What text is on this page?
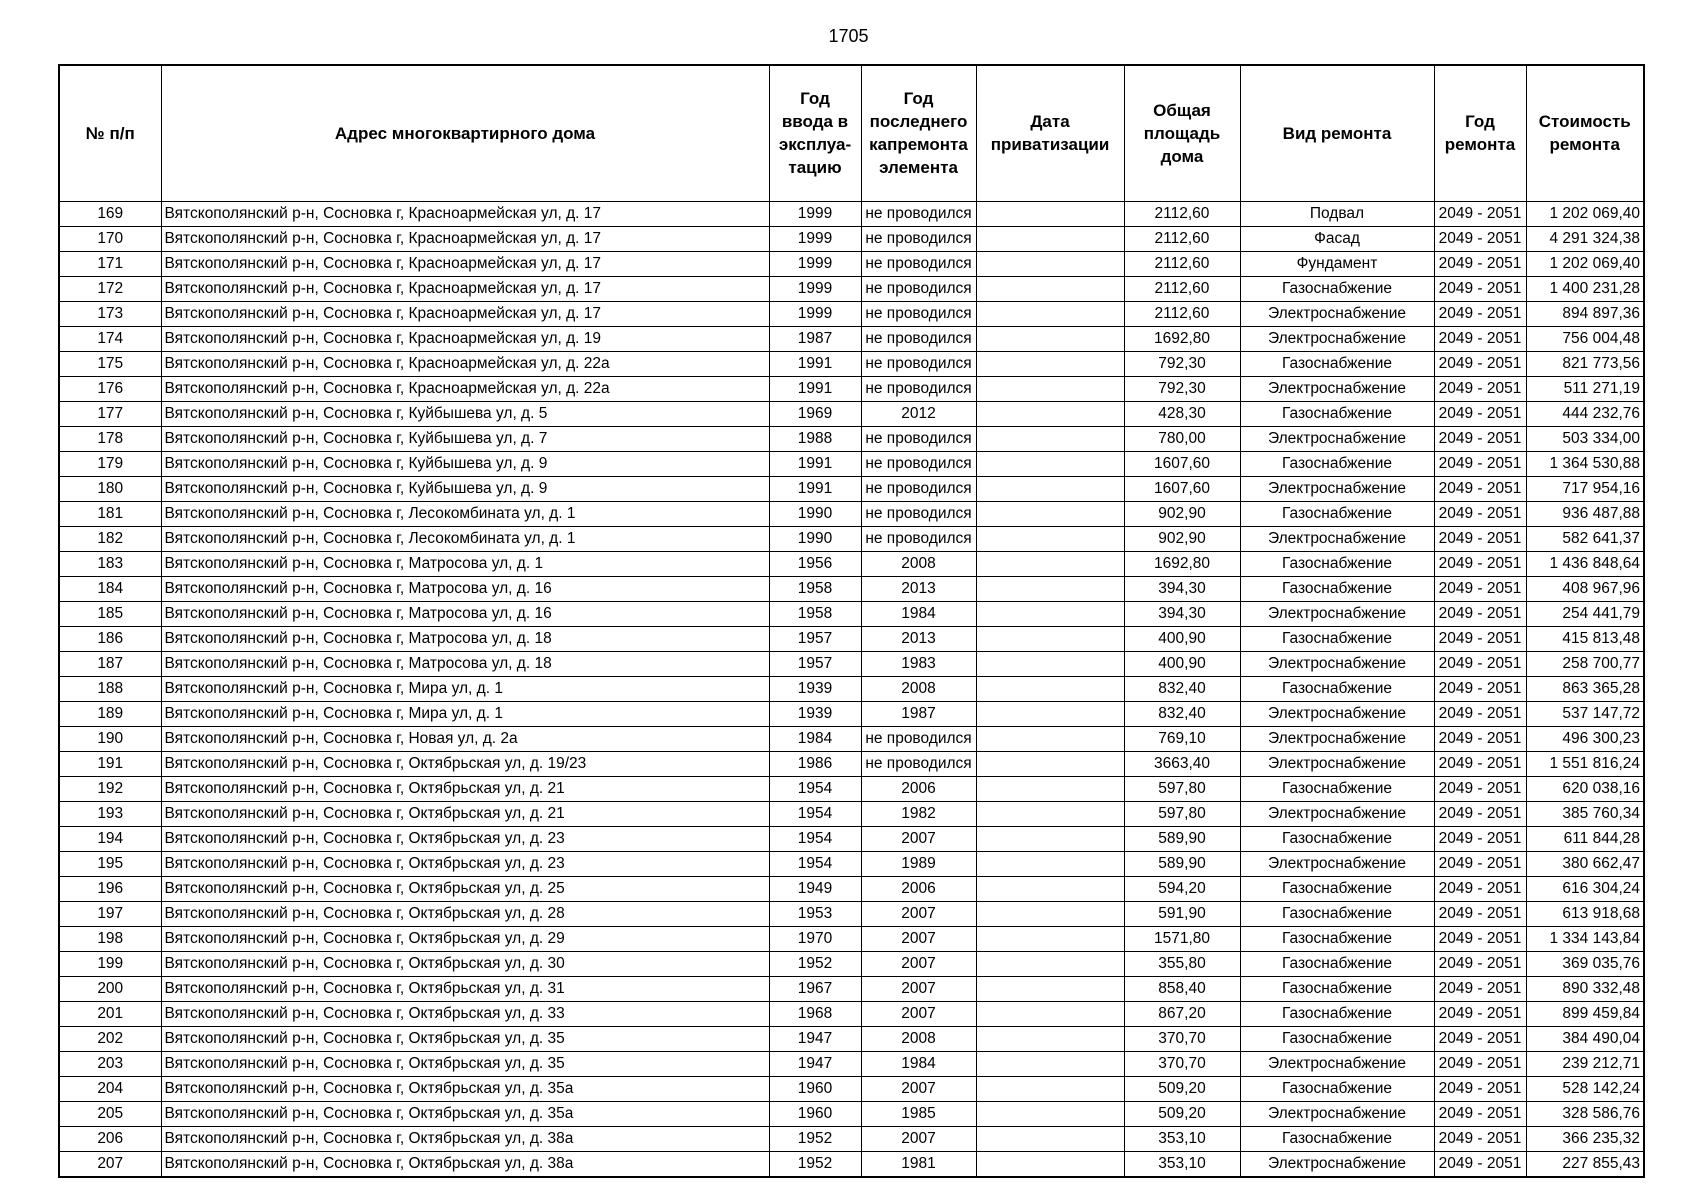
1705
№ п/п	Адрес многоквартирного дома	Год ввода в эксплуа-тацию	Год последнего капремонта элемента	Дата приватизации	Общая площадь дома	Вид ремонта	Год ремонта	Стоимость ремонта
169	Вятскополянский р-н, Сосновка г, Красноармейская ул, д. 17	1999	не проводился		2112,60	Подвал	2049 - 2051	1 202 069,40
170	Вятскополянский р-н, Сосновка г, Красноармейская ул, д. 17	1999	не проводился		2112,60	Фасад	2049 - 2051	4 291 324,38
171	Вятскополянский р-н, Сосновка г, Красноармейская ул, д. 17	1999	не проводился		2112,60	Фундамент	2049 - 2051	1 202 069,40
172	Вятскополянский р-н, Сосновка г, Красноармейская ул, д. 17	1999	не проводился		2112,60	Газоснабжение	2049 - 2051	1 400 231,28
173	Вятскополянский р-н, Сосновка г, Красноармейская ул, д. 17	1999	не проводился		2112,60	Электроснабжение	2049 - 2051	894 897,36
174	Вятскополянский р-н, Сосновка г, Красноармейская ул, д. 19	1987	не проводился		1692,80	Электроснабжение	2049 - 2051	756 004,48
175	Вятскополянский р-н, Сосновка г, Красноармейская ул, д. 22а	1991	не проводился		792,30	Газоснабжение	2049 - 2051	821 773,56
176	Вятскополянский р-н, Сосновка г, Красноармейская ул, д. 22а	1991	не проводился		792,30	Электроснабжение	2049 - 2051	511 271,19
177	Вятскополянский р-н, Сосновка г, Куйбышева ул, д. 5	1969	2012		428,30	Газоснабжение	2049 - 2051	444 232,76
178	Вятскополянский р-н, Сосновка г, Куйбышева ул, д. 7	1988	не проводился		780,00	Электроснабжение	2049 - 2051	503 334,00
179	Вятскополянский р-н, Сосновка г, Куйбышева ул, д. 9	1991	не проводился		1607,60	Газоснабжение	2049 - 2051	1 364 530,88
180	Вятскополянский р-н, Сосновка г, Куйбышева ул, д. 9	1991	не проводился		1607,60	Электроснабжение	2049 - 2051	717 954,16
181	Вятскополянский р-н, Сосновка г, Лесокомбината ул, д. 1	1990	не проводился		902,90	Газоснабжение	2049 - 2051	936 487,88
182	Вятскополянский р-н, Сосновка г, Лесокомбината ул, д. 1	1990	не проводился		902,90	Электроснабжение	2049 - 2051	582 641,37
183	Вятскополянский р-н, Сосновка г, Матросова ул, д. 1	1956	2008		1692,80	Газоснабжение	2049 - 2051	1 436 848,64
184	Вятскополянский р-н, Сосновка г, Матросова ул, д. 16	1958	2013		394,30	Газоснабжение	2049 - 2051	408 967,96
185	Вятскополянский р-н, Сосновка г, Матросова ул, д. 16	1958	1984		394,30	Электроснабжение	2049 - 2051	254 441,79
186	Вятскополянский р-н, Сосновка г, Матросова ул, д. 18	1957	2013		400,90	Газоснабжение	2049 - 2051	415 813,48
187	Вятскополянский р-н, Сосновка г, Матросова ул, д. 18	1957	1983		400,90	Электроснабжение	2049 - 2051	258 700,77
188	Вятскополянский р-н, Сосновка г, Мира ул, д. 1	1939	2008		832,40	Газоснабжение	2049 - 2051	863 365,28
189	Вятскополянский р-н, Сосновка г, Мира ул, д. 1	1939	1987		832,40	Электроснабжение	2049 - 2051	537 147,72
190	Вятскополянский р-н, Сосновка г, Новая ул, д. 2а	1984	не проводился		769,10	Электроснабжение	2049 - 2051	496 300,23
191	Вятскополянский р-н, Сосновка г, Октябрьская ул, д. 19/23	1986	не проводился		3663,40	Электроснабжение	2049 - 2051	1 551 816,24
192	Вятскополянский р-н, Сосновка г, Октябрьская ул, д. 21	1954	2006		597,80	Газоснабжение	2049 - 2051	620 038,16
193	Вятскополянский р-н, Сосновка г, Октябрьская ул, д. 21	1954	1982		597,80	Электроснабжение	2049 - 2051	385 760,34
194	Вятскополянский р-н, Сосновка г, Октябрьская ул, д. 23	1954	2007		589,90	Газоснабжение	2049 - 2051	611 844,28
195	Вятскополянский р-н, Сосновка г, Октябрьская ул, д. 23	1954	1989		589,90	Электроснабжение	2049 - 2051	380 662,47
196	Вятскополянский р-н, Сосновка г, Октябрьская ул, д. 25	1949	2006		594,20	Газоснабжение	2049 - 2051	616 304,24
197	Вятскополянский р-н, Сосновка г, Октябрьская ул, д. 28	1953	2007		591,90	Газоснабжение	2049 - 2051	613 918,68
198	Вятскополянский р-н, Сосновка г, Октябрьская ул, д. 29	1970	2007		1571,80	Газоснабжение	2049 - 2051	1 334 143,84
199	Вятскополянский р-н, Сосновка г, Октябрьская ул, д. 30	1952	2007		355,80	Газоснабжение	2049 - 2051	369 035,76
200	Вятскополянский р-н, Сосновка г, Октябрьская ул, д. 31	1967	2007		858,40	Газоснабжение	2049 - 2051	890 332,48
201	Вятскополянский р-н, Сосновка г, Октябрьская ул, д. 33	1968	2007		867,20	Газоснабжение	2049 - 2051	899 459,84
202	Вятскополянский р-н, Сосновка г, Октябрьская ул, д. 35	1947	2008		370,70	Газоснабжение	2049 - 2051	384 490,04
203	Вятскополянский р-н, Сосновка г, Октябрьская ул, д. 35	1947	1984		370,70	Электроснабжение	2049 - 2051	239 212,71
204	Вятскополянский р-н, Сосновка г, Октябрьская ул, д. 35а	1960	2007		509,20	Газоснабжение	2049 - 2051	528 142,24
205	Вятскополянский р-н, Сосновка г, Октябрьская ул, д. 35а	1960	1985		509,20	Электроснабжение	2049 - 2051	328 586,76
206	Вятскополянский р-н, Сосновка г, Октябрьская ул, д. 38а	1952	2007		353,10	Газоснабжение	2049 - 2051	366 235,32
207	Вятскополянский р-н, Сосновка г, Октябрьская ул, д. 38а	1952	1981		353,10	Электроснабжение	2049 - 2051	227 855,43
